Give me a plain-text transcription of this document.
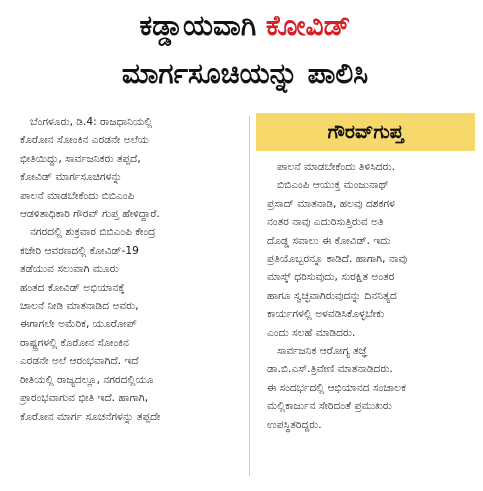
ಕಡ್ಡಾಯವಾಗಿ ಕೋವಿಡ್
ಮಾರ್ಗಸೂಚಿಯನ್ನು ಪಾಲಿಸಿ
ಬೆಂಗಳೂರು, ಡಿ.4: ರಾಜಧಾನಿಯಲ್ಲಿ
ಕೊರೋನ ಸೋಂಕಿನ ಎರಡನೇ ಅಲೆಯ
ಭೀತಿಯಿದ್ದು, ಸಾರ್ವಜನಿಕರು ತಪ್ಪದೆ,
ಕೋವಿಡ್ ಮಾರ್ಗಸೂಚಿಗಳನ್ನು
ಪಾಲನೆ ಮಾಡಬೇಕೆಂದು ಬಿಬಿಎಂಪಿ
ಆಡಳಿತಾಧಿಕಾರಿ ಗೌರವ್ ಗುಪ್ತ ಹೇಳಿದ್ದಾರೆ.
ನಗರದಲ್ಲಿ ಶುಕ್ರವಾರ ಬಿಬಿಎಂಪಿ ಕೇಂದ್ರ
ಕಚೇರಿ ಆವರಣದಲ್ಲಿ ಕೋವಿಡ್-19
ತಡೆಯುವ ಸಲುವಾಗಿ ಮೂರು
ಹಂತದ ಕೋವಿಡ್ ಅಭಿಯಾನಕ್ಕೆ
ಚಾಲನೆ ನೀಡಿ ಮಾತನಾಡಿದ ಅವರು,
ಈಗಾಗಲೇ ಅಮೆರಿಕ, ಯೂರೋಪ್
ರಾಷ್ಟ್ರಗಳಲ್ಲಿ ಕೊರೋನ ಸೋಂಕಿನ
ಎರಡನೇ ಅಲೆ ಆರಂಭವಾಗಿದೆ. ಇದೆ
ರೀತಿಯಲ್ಲಿ ರಾಜ್ಯದಲ್ಲೂ, ನಗರದಲ್ಲಿಯೂ
ಪ್ರಾರಂಭವಾಗುವ ಭೀತಿ ಇದೆ. ಹಾಗಾಗಿ,
ಕೊರೋನ ಮಾರ್ಗ ಸೂಚನೆಗಳನ್ನು ತಪ್ಪದೇ
ಗೌರವ್‌ಗುಪ್ತ
ಪಾಲನೆ ಮಾಡಬೇಕೆಂದು ತಿಳಿಸಿದರು.
ಬಿಬಿಎಂಪಿ ಆಯುಕ್ತ ಮಂಜುನಾಥ್
ಪ್ರಸಾದ್ ಮಾತನಾಡಿ, ಹಲವು ದಶಕಗಳ
ನಂತರ ನಾವು ಎದುರಿಸುತ್ತಿರುವ ಅತಿ
ದೊಡ್ಡ ಸವಾಲು ಈ ಕೋವಿಡ್. ಇದು
ಪ್ರತಿಯೊಬ್ಬರನ್ನೂ ಕಾಡಿದೆ. ಹಾಗಾಗಿ, ನಾವು
ಮಾಸ್ಕ್ ಧರಿಸುವುದು, ಸುರಕ್ಷಿತ ಅಂತರ
ಹಾಗೂ ಸ್ವಚ್ಛವಾಗಿರುವುದನ್ನು ದಿನನಿತ್ಯದ
ಕಾರ್ಯಗಳಲ್ಲಿ ಅಳವಡಿಸಿಕೊಳ್ಳಬೇಕು
ಎಂದು ಸಲಹೆ ಮಾಡಿದರು.
ಸಾರ್ವಜನಿಕ ಆರೋಗ್ಯ ತಜ್ಞೆ
ಡಾ.ಬಿ.ಎಸ್.ತ್ರಿವೇಣಿ ಮಾತನಾಡಿದರು.
ಈ ಸಂದರ್ಭದಲ್ಲಿ ಆಭಿಯಾನದ ಸಂಚಾಲಕ
ಮಲ್ಲಿಕಾರ್ಜುನ ಸೇರಿದಂತೆ ಪ್ರಮುಖರು
ಉಪಸ್ಥಿತರಿದ್ದರು.
